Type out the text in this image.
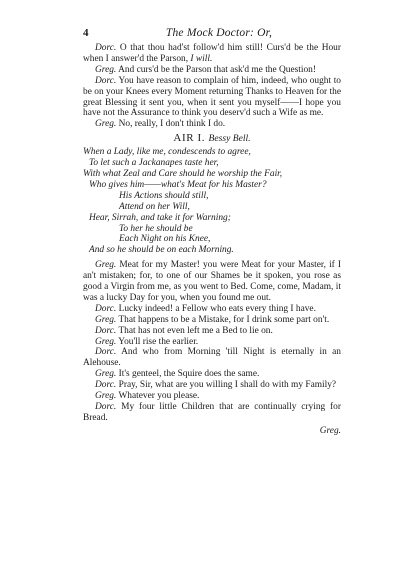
4	The Mock Doctor: Or,

Dorc. O that thou had'st follow'd him still! Curs'd be the Hour when I answer'd the Parson, I will.

Greg. And curs'd be the Parson that ask'd me the Question!

Dorc. You have reason to complain of him, indeed, who ought to be on your Knees every Moment returning Thanks to Heaven for the great Blessing it sent you, when it sent you myself——I hope you have not the Assurance to think you deserv'd such a Wife as me.

Greg. No, really, I don't think I do.

AIR I. Bessy Bell.
When a Lady, like me, condescends to agree,
To let such a Jackanapes taste her,
With what Zeal and Care should he worship the Fair,
Who gives him——what's Meat for his Master?
His Actions should still,
Attend on her Will,
Hear, Sirrah, and take it for Warning;
To her he should be
Each Night on his Knee,
And so he should be on each Morning.

Greg. Meat for my Master! you were Meat for your Master, if I an't mistaken; for, to one of our Shames be it spoken, you rose as good a Virgin from me, as you went to Bed. Come, come, Madam, it was a lucky Day for you, when you found me out.

Dorc. Lucky indeed! a Fellow who eats every thing I have.

Greg. That happens to be a Mistake, for I drink some part on't.

Dorc. That has not even left me a Bed to lie on.

Greg. You'll rise the earlier.

Dorc. And who from Morning 'till Night is eternally in an Alehouse.

Greg. It's genteel, the Squire does the same.

Dorc. Pray, Sir, what are you willing I shall do with my Family?

Greg. Whatever you please.

Dorc. My four little Children that are continually crying for Bread.

Greg.
